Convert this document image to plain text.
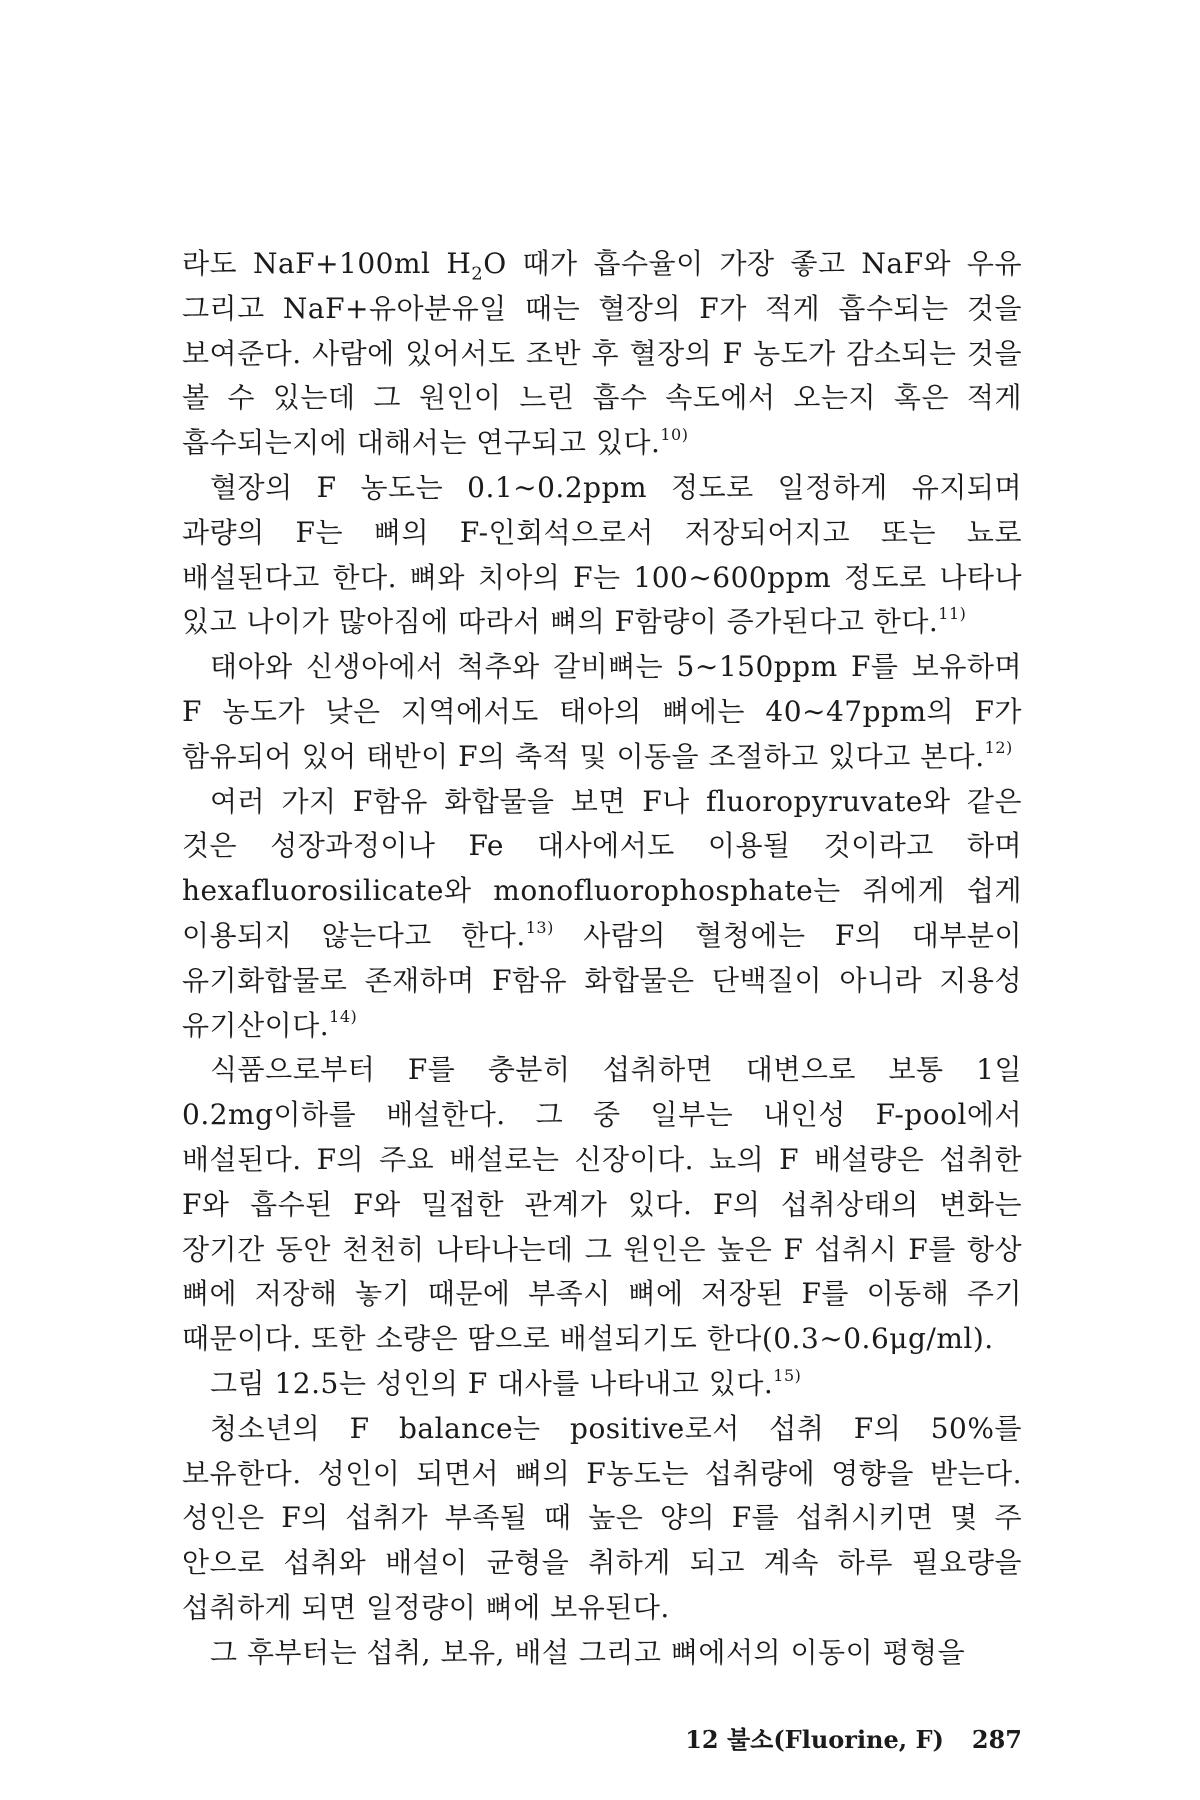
라도 NaF+100ml $H_2O$ 때가 흡수율이 가장 좋고 NaF와 우유 그리고 NaF+유아분유일 때는 혈장의 F가 적게 흡수되는 것을 보여준다. 사람에 있어서도 조반 후 혈장의 F 농도가 감소되는 것을 볼 수 있는데 그 원인이 느린 흡수 속도에서 오는지 혹은 적게 흡수되는지에 대해서는 연구되고 있다.$^{10)}$

혈장의 F 농도는 0.1∼0.2ppm 정도로 일정하게 유지되며 과량의 F는 뼈의 F-인회석으로서 저장되어지고 또는 뇨로 배설된다고 한다. 뼈와 치아의 F는 100∼600ppm 정도로 나타나 있고 나이가 많아짐에 따라서 뼈의 F함량이 증가된다고 한다.$^{11)}$

태아와 신생아에서 척추와 갈비뼈는 5∼150ppm F를 보유하며 F 농도가 낮은 지역에서도 태아의 뼈에는 40∼47ppm의 F가 함유되어 있어 태반이 F의 축적 및 이동을 조절하고 있다고 본다.$^{12)}$

여러 가지 F함유 화합물을 보면 F나 fluoropyruvate와 같은 것은 성장과정이나 Fe 대사에서도 이용될 것이라고 하며 hexafluorosilicate와 monofluorophosphate는 쥐에게 쉽게 이용되지 않는다고 한다.$^{13)}$ 사람의 혈청에는 F의 대부분이 유기화합물로 존재하며 F함유 화합물은 단백질이 아니라 지용성 유기산이다.$^{14)}$

식품으로부터 F를 충분히 섭취하면 대변으로 보통 1일 0.2mg이하를 배설한다. 그 중 일부는 내인성 F-pool에서 배설된다. F의 주요 배설로는 신장이다. 뇨의 F 배설량은 섭취한 F와 흡수된 F와 밀접한 관계가 있다. F의 섭취상태의 변화는 장기간 동안 천천히 나타나는데 그 원인은 높은 F 섭취시 F를 항상 뼈에 저장해 놓기 때문에 부족시 뼈에 저장된 F를 이동해 주기 때문이다. 또한 소량은 땀으로 배설되기도 한다(0.3∼0.6μg/ml).

그림 12.5는 성인의 F 대사를 나타내고 있다.$^{15)}$

청소년의 F balance는 positive로서 섭취 F의 50%를 보유한다. 성인이 되면서 뼈의 F농도는 섭취량에 영향을 받는다. 성인은 F의 섭취가 부족될 때 높은 양의 F를 섭취시키면 몇 주 안으로 섭취와 배설이 균형을 취하게 되고 계속 하루 필요량을 섭취하게 되면 일정량이 뼈에 보유된다.

그 후부터는 섭취, 보유, 배설 그리고 뼈에서의 이동이 평형을

12 불소(Fluorine, F) 287
